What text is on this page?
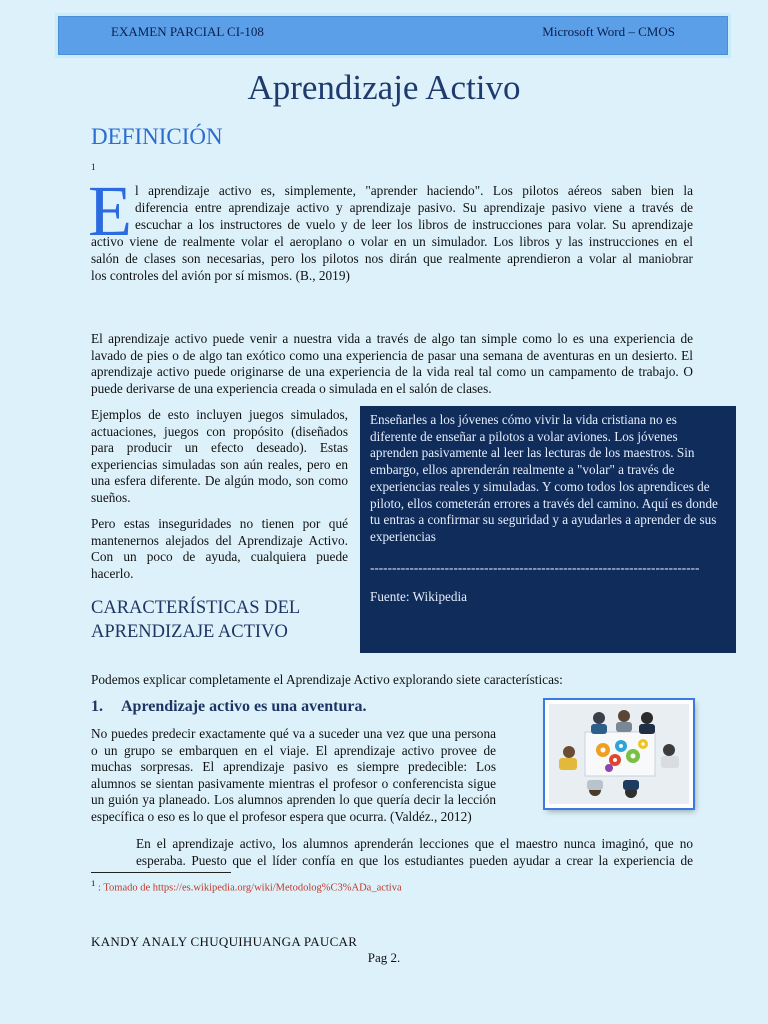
EXAMEN PARCIAL CI-108	Microsoft Word – CMOS
Aprendizaje Activo
DEFINICIÓN
1
E l aprendizaje activo es, simplemente, "aprender haciendo". Los pilotos aéreos saben bien la

diferencia entre aprendizaje activo y aprendizaje pasivo. Su aprendizaje pasivo viene a través de

escuchar a los instructores de vuelo y de leer los libros de instrucciones para volar. Su aprendizaje

activo viene de realmente volar el aeroplano o volar en un simulador. Los libros y las instrucciones en el

salón de clases son necesarias, pero los pilotos nos dirán que realmente aprendieron a volar al maniobrar

los controles del avión por sí mismos. (B., 2019)

El aprendizaje activo puede venir a nuestra vida a través de algo tan simple como lo es una experiencia de lavado de pies o de algo tan exótico como una experiencia de pasar una semana de aventuras en un desierto. El aprendizaje activo puede originarse de una experiencia de la vida real tal como un campamento de trabajo. O puede derivarse de una experiencia creada o simulada en el salón de clases.

Ejemplos de esto incluyen juegos simulados, actuaciones, juegos con propósito (diseñados para producir un efecto deseado). Estas experiencias simuladas son aún reales, pero en una esfera diferente. De algún modo, son como sueños.

Pero estas inseguridades no tienen por qué mantenernos alejados del Aprendizaje Activo. Con un poco de ayuda, cualquiera puede hacerlo.

Enseñarles a los jóvenes cómo vivir la vida cristiana no es diferente de enseñar a pilotos a volar aviones. Los jóvenes aprenden pasivamente al leer las lecturas de los maestros. Sin embargo, ellos aprenderán realmente a "volar" a través de experiencias reales y simuladas. Y como todos los aprendices de piloto, ellos cometerán errores a través del camino. Aquí es donde tu entras a confirmar su seguridad y a ayudarles a aprender de sus experiencias

---------------------------------------------------------------------------

Fuente: Wikipedia

CARACTERÍSTICAS DEL
APRENDIZAJE ACTIVO

Podemos explicar completamente el Aprendizaje Activo explorando siete características:

1. Aprendizaje activo es una aventura.

No puedes predecir exactamente qué va a suceder una vez que una persona o un grupo se embarquen en el viaje. El aprendizaje activo provee de muchas sorpresas. El aprendizaje pasivo es siempre predecible: Los alumnos se sientan pasivamente mientras el profesor o conferencista sigue un guión ya planeado. Los alumnos aprenden lo que quería decir la lección específica o eso es lo que el profesor espera que ocurra. (Valdéz., 2012)

En el aprendizaje activo, los alumnos aprenderán lecciones que el maestro nunca imaginó, que no

esperaba. Puesto que el líder confía en que los estudiantes pueden ayudar a crear la experiencia de

$^1$ : Tomado de https://es.wikipedia.org/wiki/Metodolog%C3%ADa_activa
KANDY ANALY CHUQUIHUANGA PAUCAR
Pag 2.
